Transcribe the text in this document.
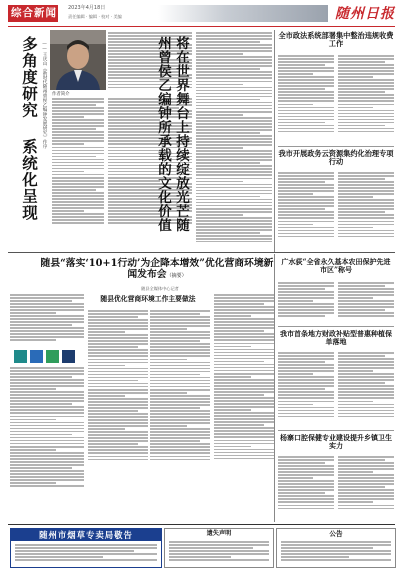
综合新闻 2023年4月18日
责任编辑 · 编辑 · 校对 · 美编	随州日报
多角度研究 系统化呈现 ——王庆山《新时代随州曾侯乙编钟发展研究》作序 作者简介	将在世界舞台上持续绽放光芒随州曾侯乙编钟所承载的文化价值
全市政法系统部署集中整治违规收费工作
我市开展政务云资源集约化治理专项行动
随县“落实‘10+1行动’为企降本增效”优化营商环境新闻发布会（摘要）
随县全媒体中心记者
随县优化营商环境工作主要做法
广水荻“全省永久基本农田保护先进市区”称号
我市首条地方财政补贴型普惠种植保单落地
杨寨口腔保健专业建设提升乡镇卫生实力
随州市烟草专卖局敬告	遗失声明	公告
